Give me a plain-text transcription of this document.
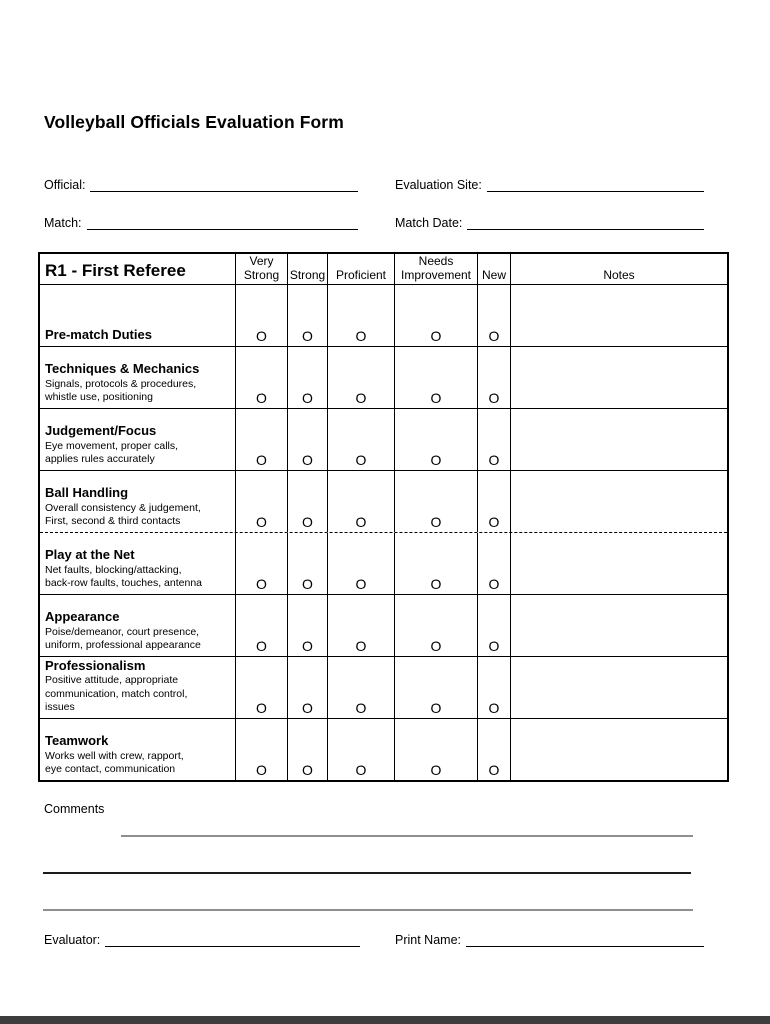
Volleyball Officials Evaluation Form
Official:	Evaluation Site:
Match:	Match Date:
R1 - First Referee
Very
Strong Strong Proficient
Needs
Improvement New	Notes
Pre-match Duties	O	O	O	O	O
Techniques & Mechanics
Signals, protocols & procedures,
whistle use, positioning	O	O	O	O	O
Judgement/Focus
Eye movement, proper calls,
applies rules accurately	O	O	O	O	O
Ball Handling
Overall consistency & judgement,
First, second & third contacts	O	O	O	O	O
Play at the Net
Net faults, blocking/attacking,
back-row faults, touches, antenna	O	O	O	O	O
Appearance
Poise/demeanor, court presence,
uniform, professional appearance	O	O	O	O	O
Professionalism
Positive attitude, appropriate
communication, match control,
issues	O	O	O	O	O
Teamwork
Works well with crew, rapport,
eye contact, communication	O	O	O	O	O
Comments
Evaluator:	Print Name:
